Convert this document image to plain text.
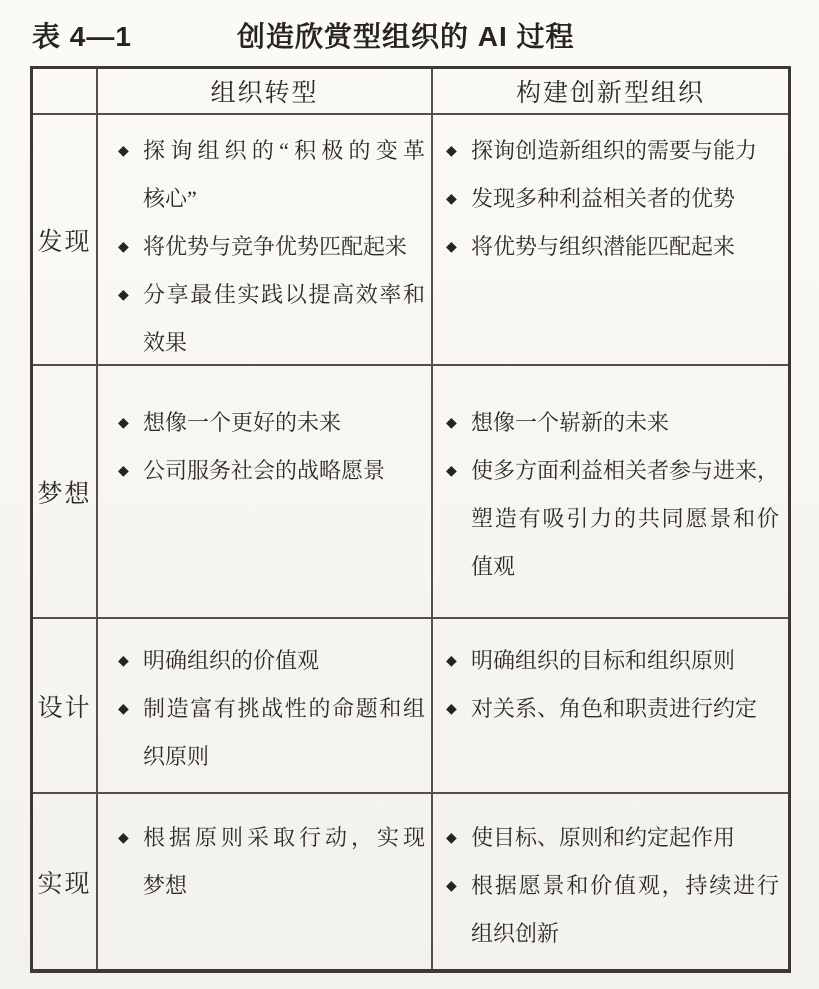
表 4—1	创造欣赏型组织的 AI 过程
组织转型	构建创新型组织
发现
◆ 探询组织的“积极的变革
核心”
◆ 将优势与竞争优势匹配起来
◆ 分享最佳实践以提高效率和
效果
◆ 探询创造新组织的需要与能力
◆ 发现多种利益相关者的优势
◆ 将优势与组织潜能匹配起来
梦想
◆ 想像一个更好的未来
◆ 公司服务社会的战略愿景
◆ 想像一个崭新的未来
◆ 使多方面利益相关者参与进来，
塑造有吸引力的共同愿景和价
值观
设计
◆ 明确组织的价值观
◆ 制造富有挑战性的命题和组
织原则
◆ 明确组织的目标和组织原则
◆ 对关系、角色和职责进行约定
实现
◆ 根据原则采取行动，实现
梦想
◆ 使目标、原则和约定起作用
◆ 根据愿景和价值观，持续进行
组织创新
